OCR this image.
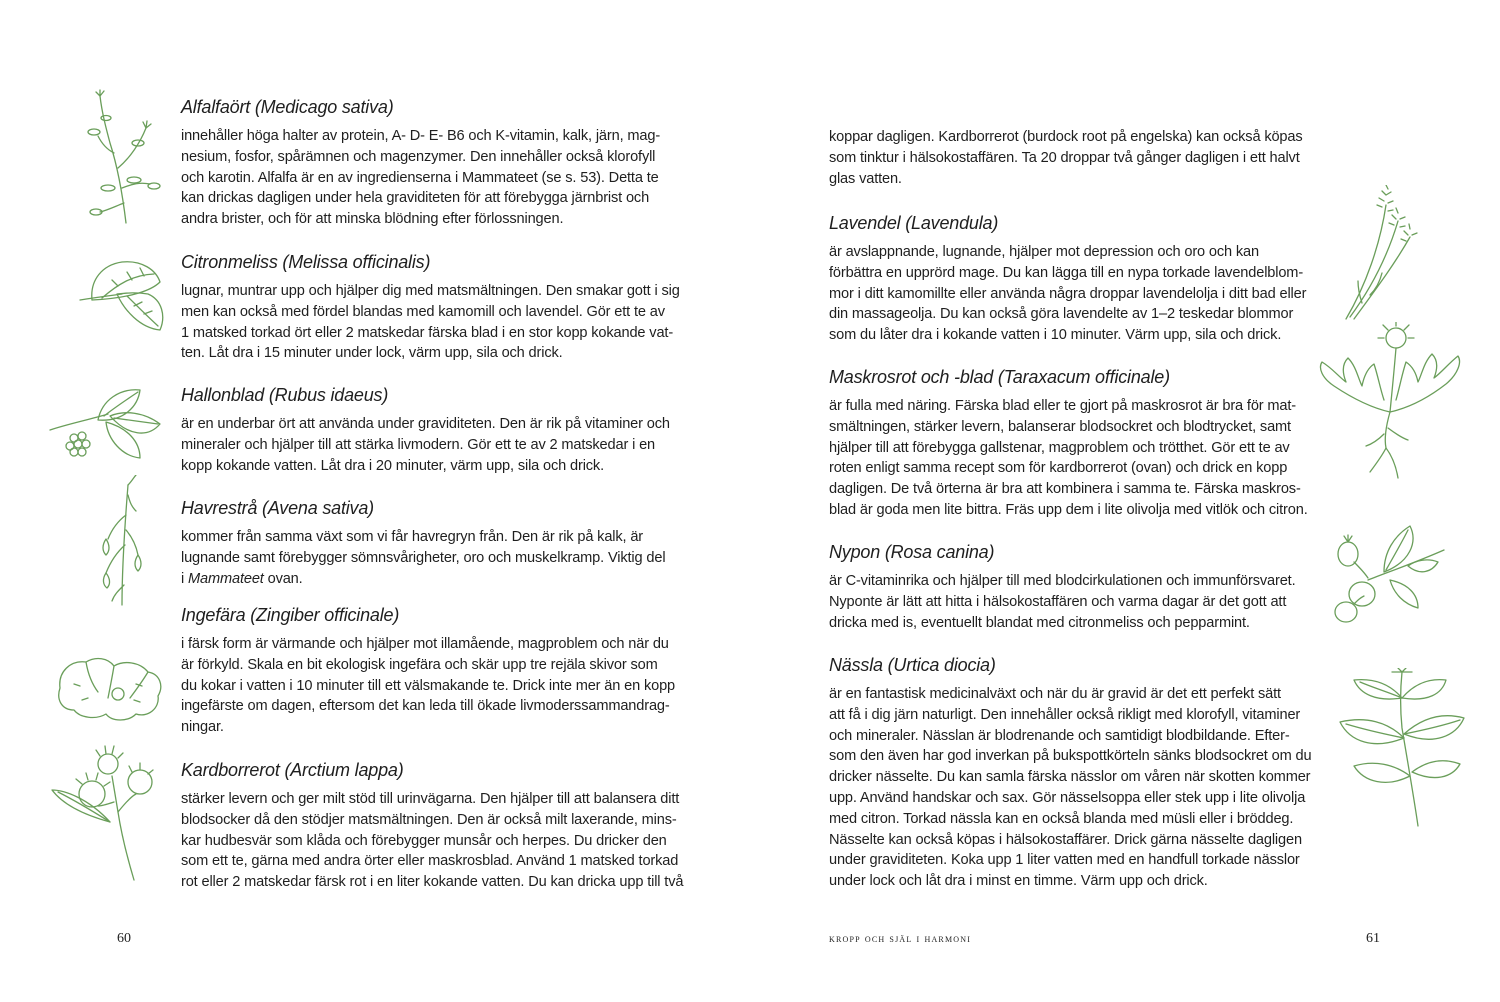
Alfalfaört (Medicago sativa)

innehåller höga halter av protein, A- D- E- B6 och K-vitamin, kalk, järn, mag-
nesium, fosfor, spårämnen och magenzymer. Den innehåller också klorofyll
och karotin. Alfalfa är en av ingredienserna i Mammateet (se s. 53). Detta te
kan drickas dagligen under hela graviditeten för att förebygga järnbrist och
andra brister, och för att minska blödning efter förlossningen.

Citronmeliss (Melissa officinalis)

lugnar, muntrar upp och hjälper dig med matsmältningen. Den smakar gott i sig
men kan också med fördel blandas med kamomill och lavendel. Gör ett te av
1 matsked torkad ört eller 2 matskedar färska blad i en stor kopp kokande vat-
ten. Låt dra i 15 minuter under lock, värm upp, sila och drick.

Hallonblad (Rubus idaeus)

är en underbar ört att använda under graviditeten. Den är rik på vitaminer och
mineraler och hjälper till att stärka livmodern. Gör ett te av 2 matskedar i en
kopp kokande vatten. Låt dra i 20 minuter, värm upp, sila och drick.

Havrestrå (Avena sativa)

kommer från samma växt som vi får havregryn från. Den är rik på kalk, är
lugnande samt förebygger sömnsvårigheter, oro och muskelkramp. Viktig del
i Mammateet ovan.

Ingefära (Zingiber officinale)

i färsk form är värmande och hjälper mot illamående, magproblem och när du
är förkyld. Skala en bit ekologisk ingefära och skär upp tre rejäla skivor som
du kokar i vatten i 10 minuter till ett välsmakande te. Drick inte mer än en kopp
ingefärste om dagen, eftersom det kan leda till ökade livmoderssammandrag-
ningar.

Kardborrerot (Arctium lappa)

stärker levern och ger milt stöd till urinvägarna. Den hjälper till att balansera ditt
blodsocker då den stödjer matsmältningen. Den är också milt laxerande, mins-
kar hudbesvär som klåda och förebygger munsår och herpes. Du dricker den
som ett te, gärna med andra örter eller maskrosblad. Använd 1 matsked torkad
rot eller 2 matskedar färsk rot i en liter kokande vatten. Du kan dricka upp till två

60

koppar dagligen. Kardborrerot (burdock root på engelska) kan också köpas
som tinktur i hälsokostaffären. Ta 20 droppar två gånger dagligen i ett halvt
glas vatten.

Lavendel (Lavendula)

är avslappnande, lugnande, hjälper mot depression och oro och kan
förbättra en upprörd mage. Du kan lägga till en nypa torkade lavendelblom-
mor i ditt kamomillte eller använda några droppar lavendelolja i ditt bad eller
din massageolja. Du kan också göra lavendelte av 1–2 teskedar blommor
som du låter dra i kokande vatten i 10 minuter. Värm upp, sila och drick.

Maskrosrot och -blad (Taraxacum officinale)

är fulla med näring. Färska blad eller te gjort på maskrosrot är bra för mat-
smältningen, stärker levern, balanserar blodsockret och blodtrycket, samt
hjälper till att förebygga gallstenar, magproblem och trötthet. Gör ett te av
roten enligt samma recept som för kardborrerot (ovan) och drick en kopp
dagligen. De två örterna är bra att kombinera i samma te. Färska maskros-
blad är goda men lite bittra. Fräs upp dem i lite olivolja med vitlök och citron.

Nypon (Rosa canina)

är C-vitaminrika och hjälper till med blodcirkulationen och immunförsvaret.
Nyponte är lätt att hitta i hälsokostaffären och varma dagar är det gott att
dricka med is, eventuellt blandat med citronmeliss och pepparmint.

Nässla (Urtica diocia)

är en fantastisk medicinalväxt och när du är gravid är det ett perfekt sätt
att få i dig järn naturligt. Den innehåller också rikligt med klorofyll, vitaminer
och mineraler. Nässlan är blodrenande och samtidigt blodbildande. Efter-
som den även har god inverkan på bukspottkörteln sänks blodsockret om du
dricker nässelte. Du kan samla färska nässlor om våren när skotten kommer
upp. Använd handskar och sax. Gör nässelsoppa eller stek upp i lite olivolja
med citron. Torkad nässla kan en också blanda med müsli eller i bröddeg.
Nässelte kan också köpas i hälsokostaffärer. Drick gärna nässelte dagligen
under graviditeten. Koka upp 1 liter vatten med en handfull torkade nässlor
under lock och låt dra i minst en timme. Värm upp och drick.

kropp och själ i harmoni	61
